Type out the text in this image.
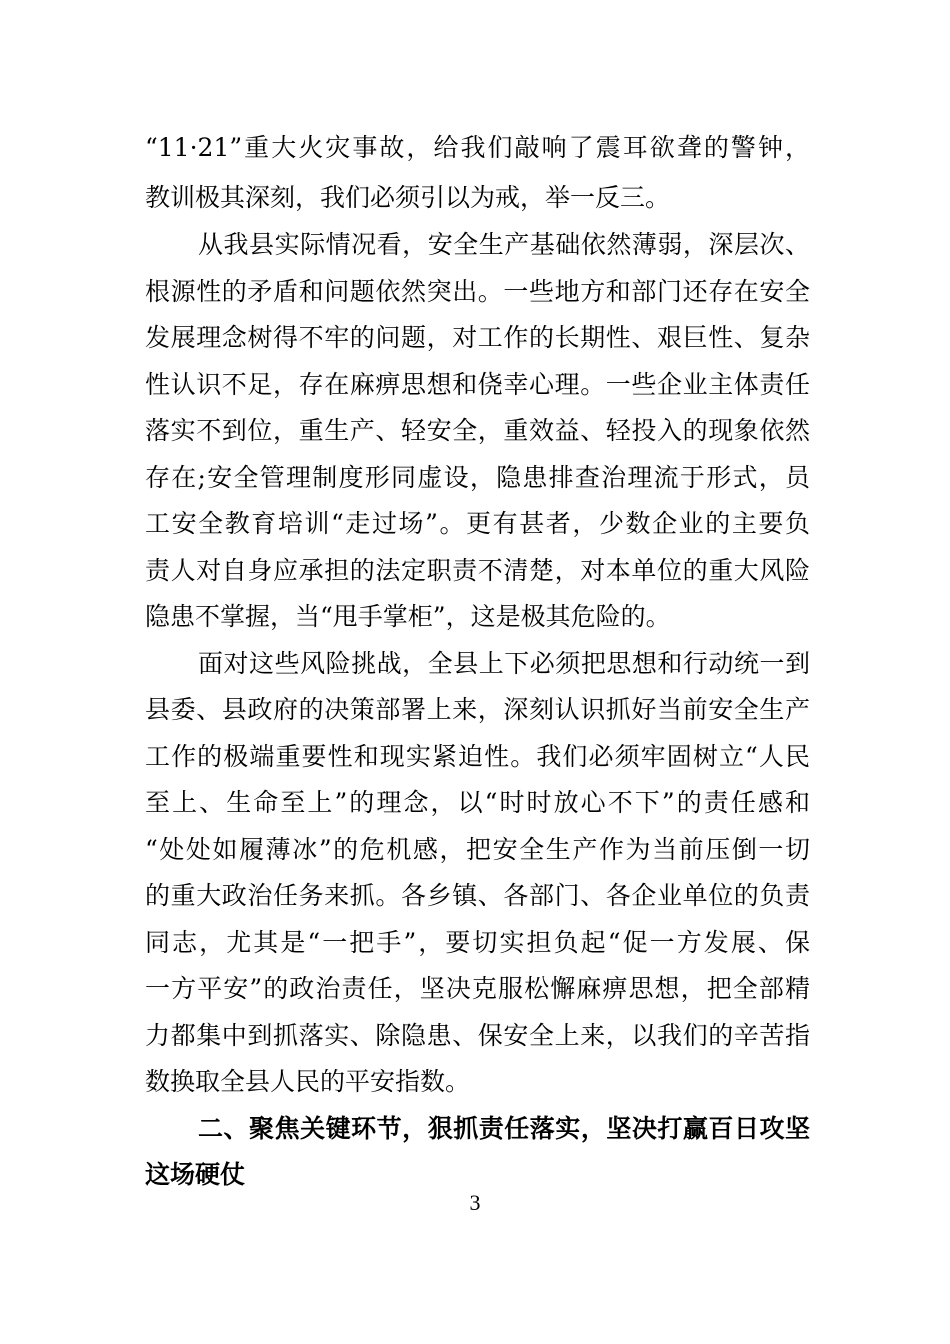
“11·21”重大火灾事故，给我们敲响了震耳欲聋的警钟，
教训极其深刻，我们必须引以为戒，举一反三。
从我县实际情况看，安全生产基础依然薄弱，深层次、
根源性的矛盾和问题依然突出。一些地方和部门还存在安全
发展理念树得不牢的问题，对工作的长期性、艰巨性、复杂
性认识不足，存在麻痹思想和侥幸心理。一些企业主体责任
落实不到位，重生产、轻安全，重效益、轻投入的现象依然
存在;安全管理制度形同虚设，隐患排查治理流于形式，员
工安全教育培训“走过场”。更有甚者，少数企业的主要负
责人对自身应承担的法定职责不清楚，对本单位的重大风险
隐患不掌握，当“甩手掌柜”，这是极其危险的。
面对这些风险挑战，全县上下必须把思想和行动统一到
县委、县政府的决策部署上来，深刻认识抓好当前安全生产
工作的极端重要性和现实紧迫性。我们必须牢固树立“人民
至上、生命至上”的理念，以“时时放心不下”的责任感和
“处处如履薄冰”的危机感，把安全生产作为当前压倒一切
的重大政治任务来抓。各乡镇、各部门、各企业单位的负责
同志，尤其是“一把手”，要切实担负起“促一方发展、保
一方平安”的政治责任，坚决克服松懈麻痹思想，把全部精
力都集中到抓落实、除隐患、保安全上来，以我们的辛苦指
数换取全县人民的平安指数。
二、聚焦关键环节，狠抓责任落实，坚决打赢百日攻坚
这场硬仗
3
